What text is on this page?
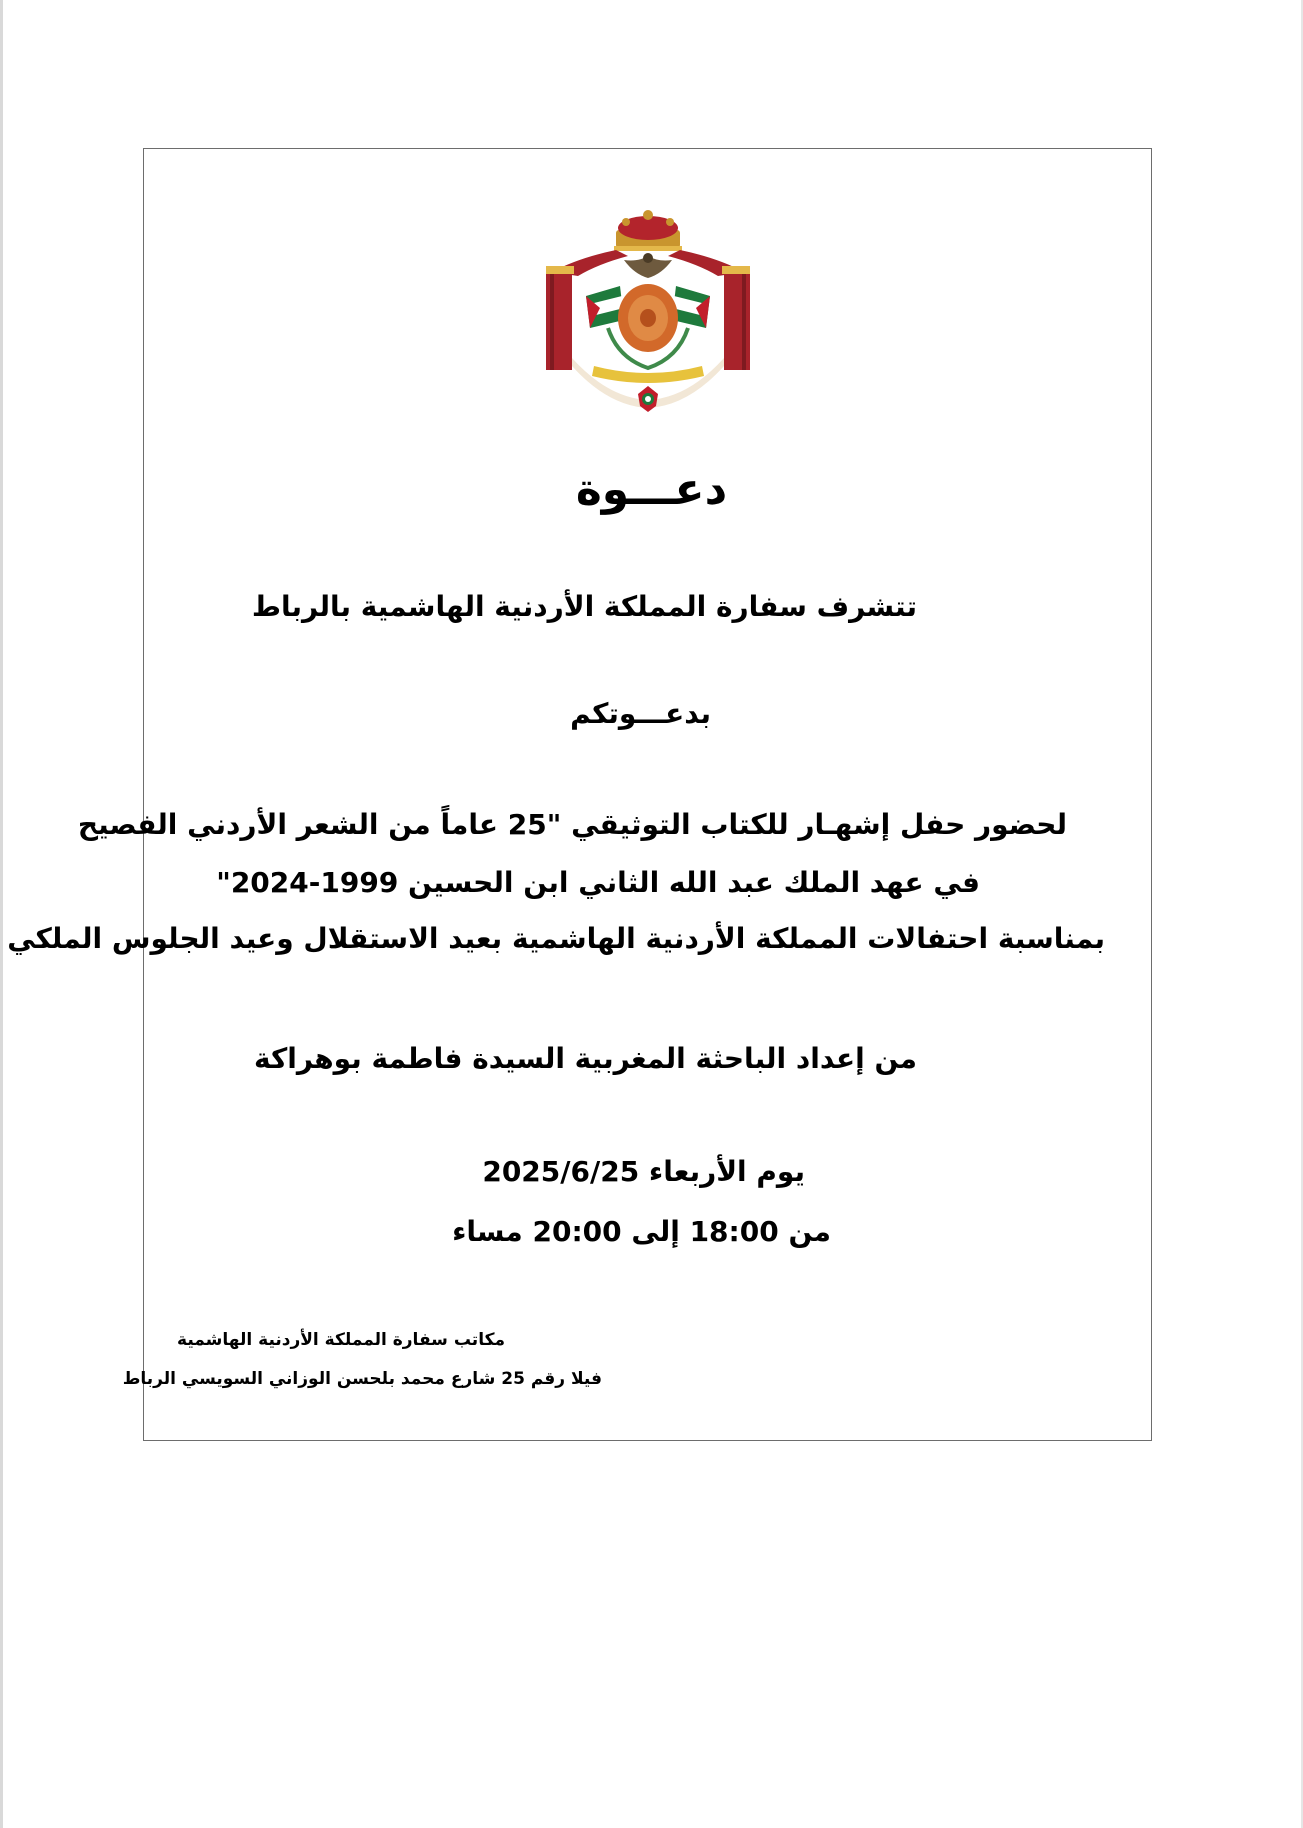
دعـــوة
تتشرف سفارة المملكة الأردنية الهاشمية بالرباط
بدعـــوتكم
لحضور حفل إشهـار للكتاب التوثيقي "25 عاماً من الشعر الأردني الفصيح
في عهد الملك عبد الله الثاني ابن الحسين 1999-2024"
بمناسبة احتفالات المملكة الأردنية الهاشمية بعيد الاستقلال وعيد الجلوس الملكي
من إعداد الباحثة المغربية السيدة فاطمة بوهراكة
يوم الأربعاء 2025/6/25
من 18:00 إلى 20:00 مساء
مكاتب سفارة المملكة الأردنية الهاشمية
فيلا رقم 25 شارع محمد بلحسن الوزاني السويسي الرباط
